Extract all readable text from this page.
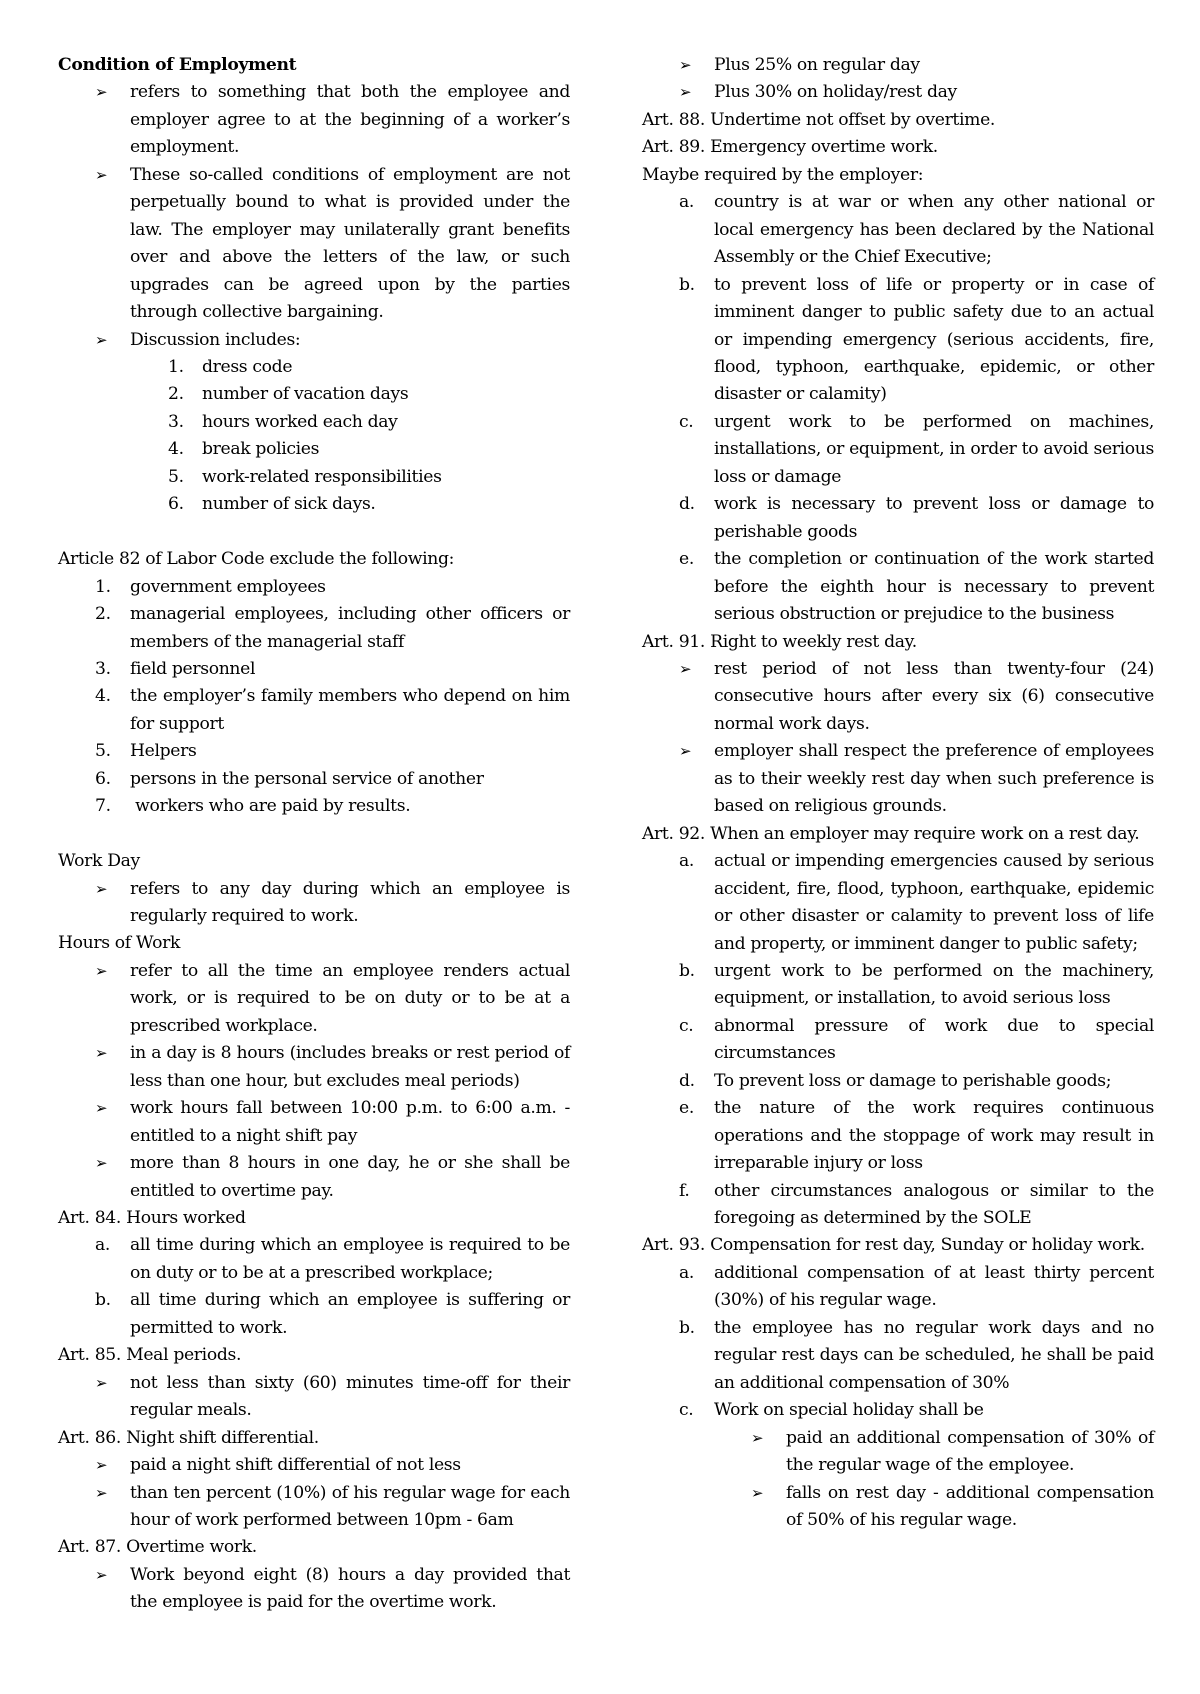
Condition of Employment

➢ refers to something that both the employee and employer agree to at the beginning of a worker’s employment.
➢ These so-called conditions of employment are not perpetually bound to what is provided under the law. The employer may unilaterally grant benefits over and above the letters of the law, or such upgrades can be agreed upon by the parties through collective bargaining.
➢ Discussion includes:
1.	dress code
2.	number of vacation days
3.	hours worked each day
4.	break policies
5.	work-related responsibilities
6.	number of sick days.

Article 82 of Labor Code exclude the following:

1.	government employees
2.	managerial employees, including other officers or members of the managerial staff
3.	field personnel
4.	the employer’s family members who depend on him for support
5.	Helpers
6.	persons in the personal service of another
7.	workers who are paid by results.

Work Day

➢ refers to any day during which an employee is regularly required to work.

Hours of Work

➢ refer to all the time an employee renders actual work, or is required to be on duty or to be at a prescribed workplace.
➢ in a day is 8 hours (includes breaks or rest period of less than one hour, but excludes meal periods)
➢ work hours fall between 10:00 p.m. to 6:00 a.m. - entitled to a night shift pay
➢ more than 8 hours in one day, he or she shall be entitled to overtime pay.

Art. 84. Hours worked

a.	all time during which an employee is required to be on duty or to be at a prescribed workplace;
b.	all time during which an employee is suffering or permitted to work.

Art. 85. Meal periods.

➢ not less than sixty (60) minutes time-off for their regular meals.

Art. 86. Night shift differential.

➢ paid a night shift differential of not less
➢ than ten percent (10%) of his regular wage for each hour of work performed between 10pm - 6am

Art. 87. Overtime work.

➢ Work beyond eight (8) hours a day provided that the employee is paid for the overtime work.
➢ Plus 25% on regular day
➢ Plus 30% on holiday/rest day

Art. 88. Undertime not offset by overtime.

Art. 89. Emergency overtime work.

Maybe required by the employer:

a.	country is at war or when any other national or local emergency has been declared by the National Assembly or the Chief Executive;
b.	to prevent loss of life or property or in case of imminent danger to public safety due to an actual or impending emergency (serious accidents, fire, flood, typhoon, earthquake, epidemic, or other disaster or calamity)
c.	urgent work to be performed on machines, installations, or equipment, in order to avoid serious loss or damage
d.	work is necessary to prevent loss or damage to perishable goods
e.	the completion or continuation of the work started before the eighth hour is necessary to prevent serious obstruction or prejudice to the business

Art. 91. Right to weekly rest day.

➢ rest period of not less than twenty-four (24) consecutive hours after every six (6) consecutive normal work days.
➢ employer shall respect the preference of employees as to their weekly rest day when such preference is based on religious grounds.

Art. 92. When an employer may require work on a rest day.

a.	actual or impending emergencies caused by serious accident, fire, flood, typhoon, earthquake, epidemic or other disaster or calamity to prevent loss of life and property, or imminent danger to public safety;
b.	urgent work to be performed on the machinery, equipment, or installation, to avoid serious loss
c.	abnormal pressure of work due to special circumstances
d.	To prevent loss or damage to perishable goods;
e.	the nature of the work requires continuous operations and the stoppage of work may result in irreparable injury or loss
f.	other circumstances analogous or similar to the foregoing as determined by the SOLE

Art. 93. Compensation for rest day, Sunday or holiday work.

a.	additional compensation of at least thirty percent (30%) of his regular wage.
b.	the employee has no regular work days and no regular rest days can be scheduled, he shall be paid an additional compensation of 30%
c.	Work on special holiday shall be
➢ paid an additional compensation of 30% of the regular wage of the employee.
➢ falls on rest day - additional compensation of 50% of his regular wage.
